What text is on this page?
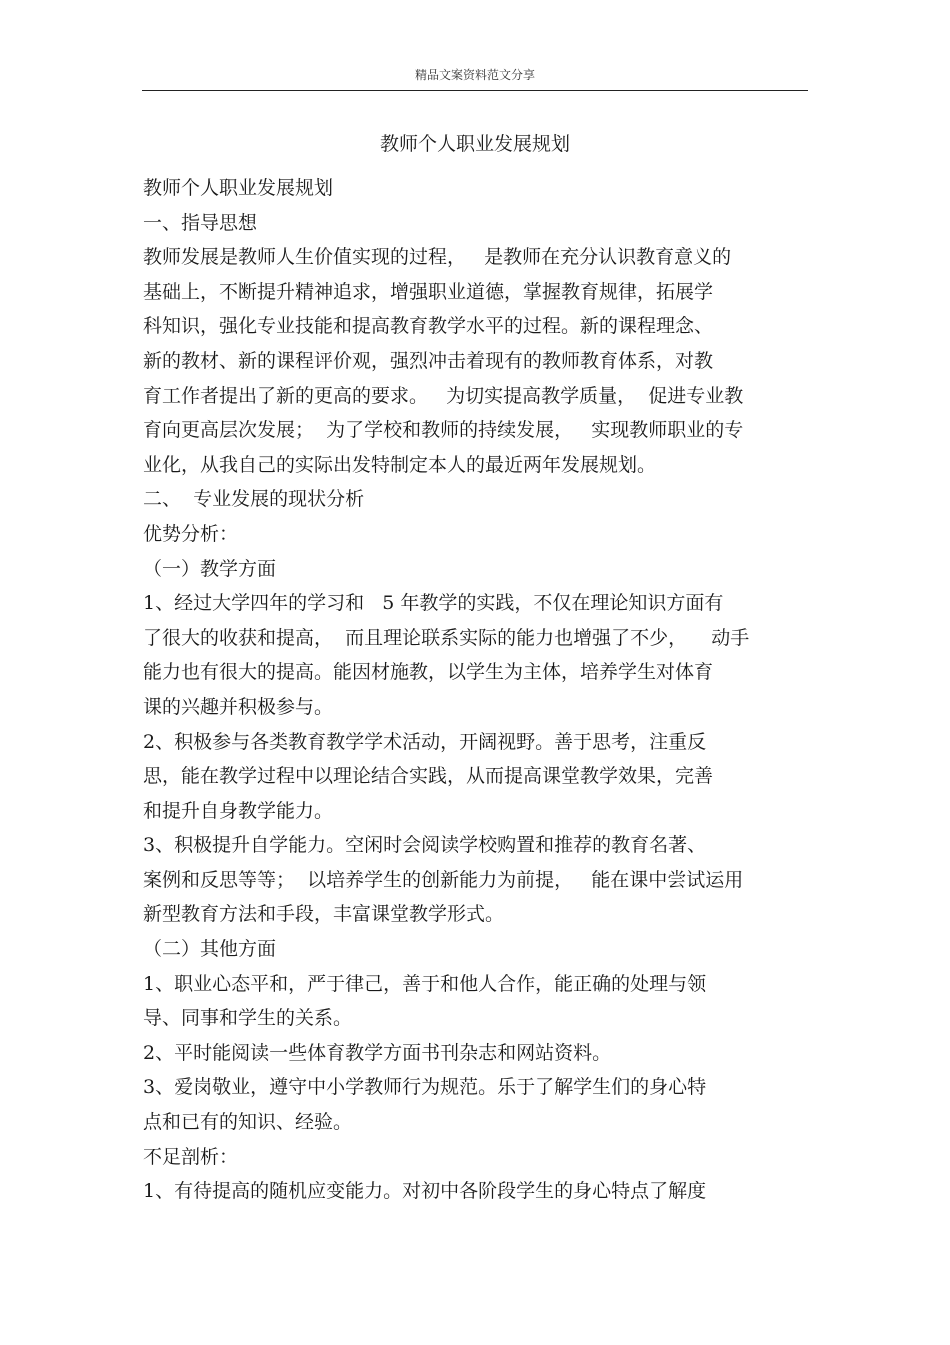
精品文案资料范文分享
教师个人职业发展规划
教师个人职业发展规划
一、指导思想
教师发展是教师人生价值实现的过程，   是教师在充分认识教育意义的
基础上，不断提升精神追求，增强职业道德，掌握教育规律，拓展学
科知识，强化专业技能和提高教育教学水平的过程。新的课程理念、
新的教材、新的课程评价观，强烈冲击着现有的教师教育体系，对教
育工作者提出了新的更高的要求。   为切实提高教学质量，  促进专业教
育向更高层次发展；  为了学校和教师的持续发展，   实现教师职业的专
业化，从我自己的实际出发特制定本人的最近两年发展规划。
二、  专业发展的现状分析
优势分析：
（一）教学方面
1、经过大学四年的学习和   5 年教学的实践，不仅在理论知识方面有
了很大的收获和提高，  而且理论联系实际的能力也增强了不少，    动手
能力也有很大的提高。能因材施教，以学生为主体，培养学生对体育
课的兴趣并积极参与。
2、积极参与各类教育教学学术活动，开阔视野。善于思考，注重反
思，能在教学过程中以理论结合实践，从而提高课堂教学效果，完善
和提升自身教学能力。
3、积极提升自学能力。空闲时会阅读学校购置和推荐的教育名著、
案例和反思等等；  以培养学生的创新能力为前提，   能在课中尝试运用
新型教育方法和手段，丰富课堂教学形式。
（二）其他方面
1、职业心态平和，严于律己，善于和他人合作，能正确的处理与领
导、同事和学生的关系。
2、平时能阅读一些体育教学方面书刊杂志和网站资料。
3、爱岗敬业，遵守中小学教师行为规范。乐于了解学生们的身心特
点和已有的知识、经验。
不足剖析：
1、有待提高的随机应变能力。对初中各阶段学生的身心特点了解度
